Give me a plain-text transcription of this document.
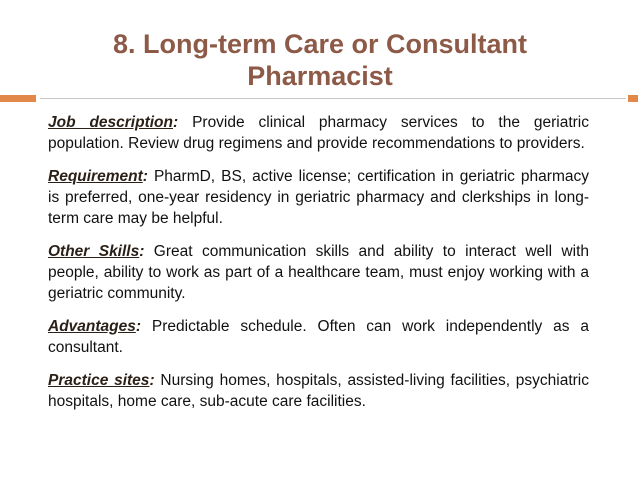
8. Long-term Care or Consultant
Pharmacist

Job description: Provide clinical pharmacy services to the geriatric population. Review drug regimens and provide recommendations to providers.

Requirement: PharmD, BS, active license; certification in geriatric pharmacy is preferred, one-year residency in geriatric pharmacy and clerkships in long-term care may be helpful.

Other Skills: Great communication skills and ability to interact well with people, ability to work as part of a healthcare team, must enjoy working with a geriatric community.

Advantages: Predictable schedule. Often can work independently as a consultant.

Practice sites: Nursing homes, hospitals, assisted-living facilities, psychiatric hospitals, home care, sub-acute care facilities.
